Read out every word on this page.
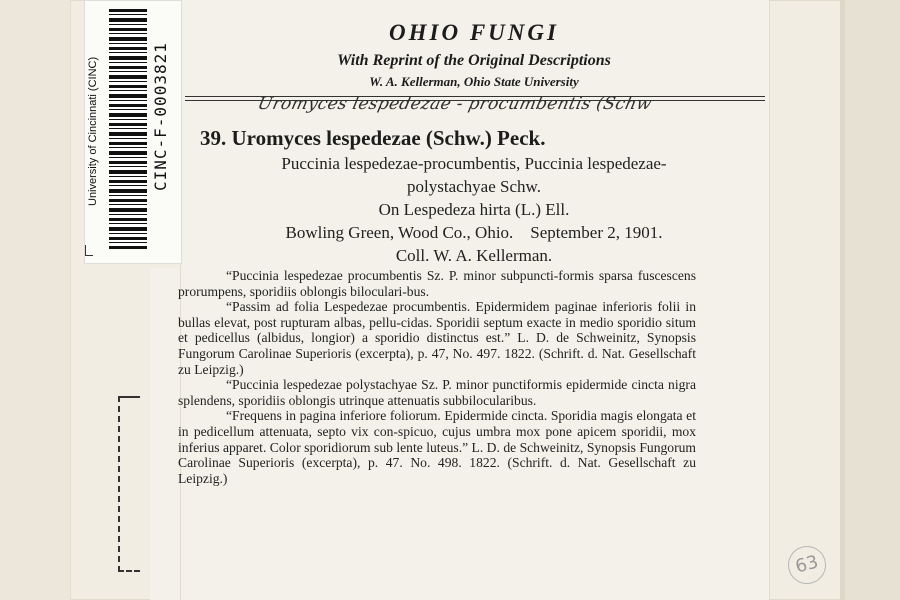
University of Cincinnati (CINC)	CINC-F-0003821
OHIO FUNGI
With Reprint of the Original Descriptions
W. A. Kellerman, Ohio State University
Uromyces lespedezae - procumbentis (Schw
39. Uromyces lespedezae (Schw.) Peck.
Puccinia lespedezae-procumbentis, Puccinia lespedezae-
polystachyae Schw.
On Lespedeza hirta (L.) Ell.
Bowling Green, Wood Co., Ohio.    September 2, 1901.
Coll. W. A. Kellerman.

“Puccinia lespedezae procumbentis Sz. P. minor subpuncti-formis sparsa fuscescens prorumpens, sporidiis oblongis biloculari-bus.

“Passim ad folia Lespedezae procumbentis. Epidermidem paginae inferioris folii in bullas elevat, post rupturam albas, pellu-cidas. Sporidii septum exacte in medio sporidio situm et pedicellus (albidus, longior) a sporidio distinctus est.” L. D. de Schweinitz, Synopsis Fungorum Carolinae Superioris (excerpta), p. 47, No. 497. 1822. (Schrift. d. Nat. Gesellschaft zu Leipzig.)

“Puccinia lespedezae polystachyae Sz. P. minor punctiformis epidermide cincta nigra splendens, sporidiis oblongis utrinque attenuatis subbilocularibus.

“Frequens in pagina inferiore foliorum. Epidermide cincta. Sporidia magis elongata et in pedicellum attenuata, septo vix con-spicuo, cujus umbra mox pone apicem sporidii, mox inferius apparet. Color sporidiorum sub lente luteus.” L. D. de Schweinitz, Synopsis Fungorum Carolinae Superioris (excerpta), p. 47. No. 498. 1822. (Schrift. d. Nat. Gesellschaft zu Leipzig.)

63
